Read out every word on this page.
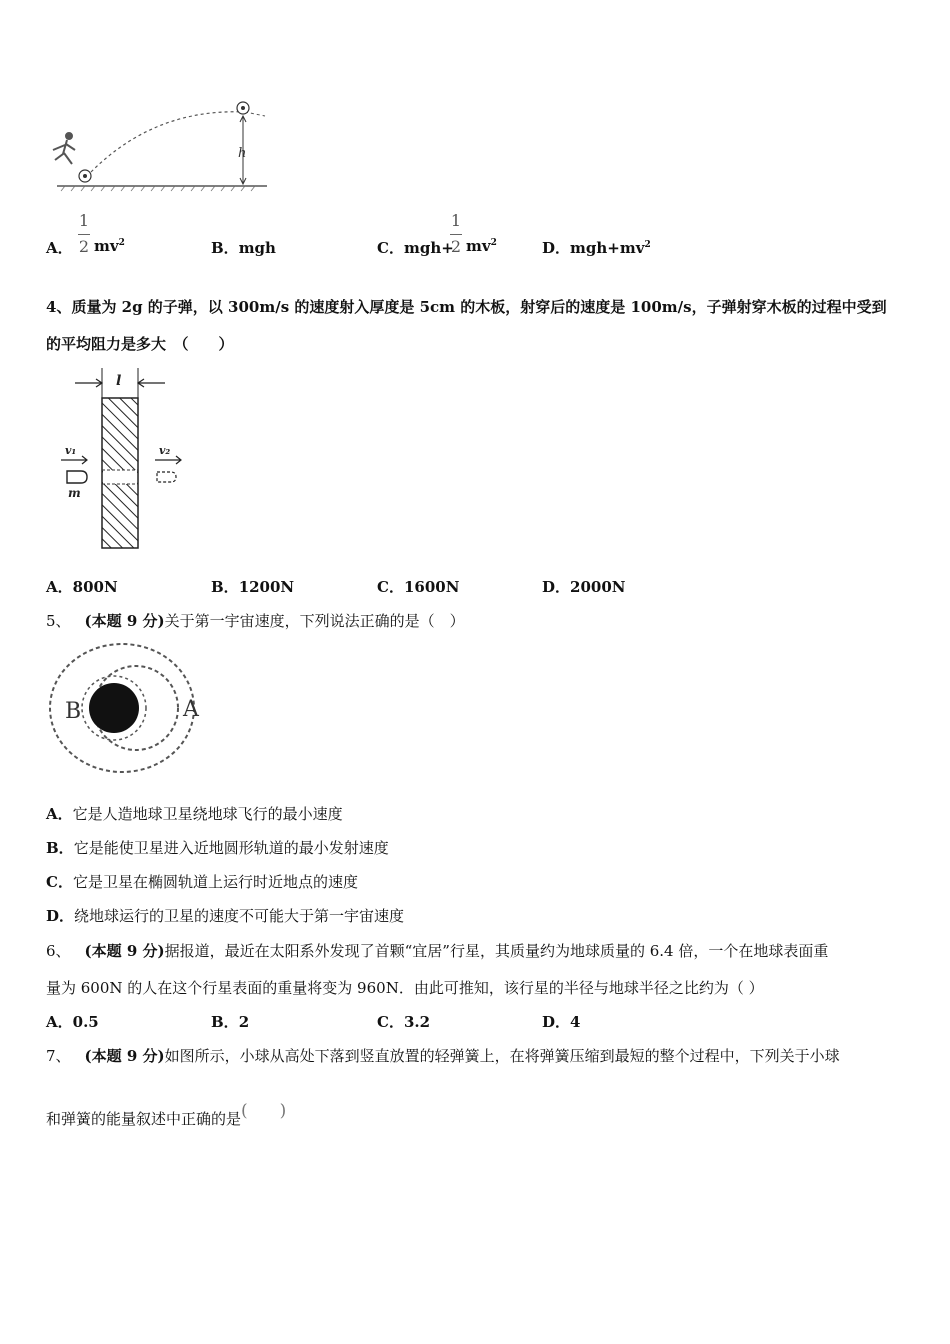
h
A．
1
2 $mv^2$	B．mgh	C．mgh+
1
2 $mv^2$	D．$mgh+mv^2$
4、质量为 2g 的子弹，以 300m/s 的速度射入厚度是 5cm 的木板，射穿后的速度是 100m/s，子弹射穿木板的过程中受到
的平均阻力是多大　（　　）
l
v₁
m
v₂
A．800N	B．1200N	C．1600N	D．2000N
5、 (本题 9 分)关于第一宇宙速度，下列说法正确的是（　）
B	A
A．它是人造地球卫星绕地球飞行的最小速度
B．它是能使卫星进入近地圆形轨道的最小发射速度
C．它是卫星在椭圆轨道上运行时近地点的速度
D．绕地球运行的卫星的速度不可能大于第一宇宙速度
6、 (本题 9 分)据报道，最近在太阳系外发现了首颗“宜居”行星，其质量约为地球质量的 6.4 倍，一个在地球表面重
量为 600N 的人在这个行星表面的重量将变为 960N．由此可推知，该行星的半径与地球半径之比约为（ ）
A．0.5	B．2	C．3.2	D．4
7、 (本题 9 分)如图所示，小球从高处下落到竖直放置的轻弹簧上，在将弹簧压缩到最短的整个过程中，下列关于小球
和弹簧的能量叙述中正确的是( )
